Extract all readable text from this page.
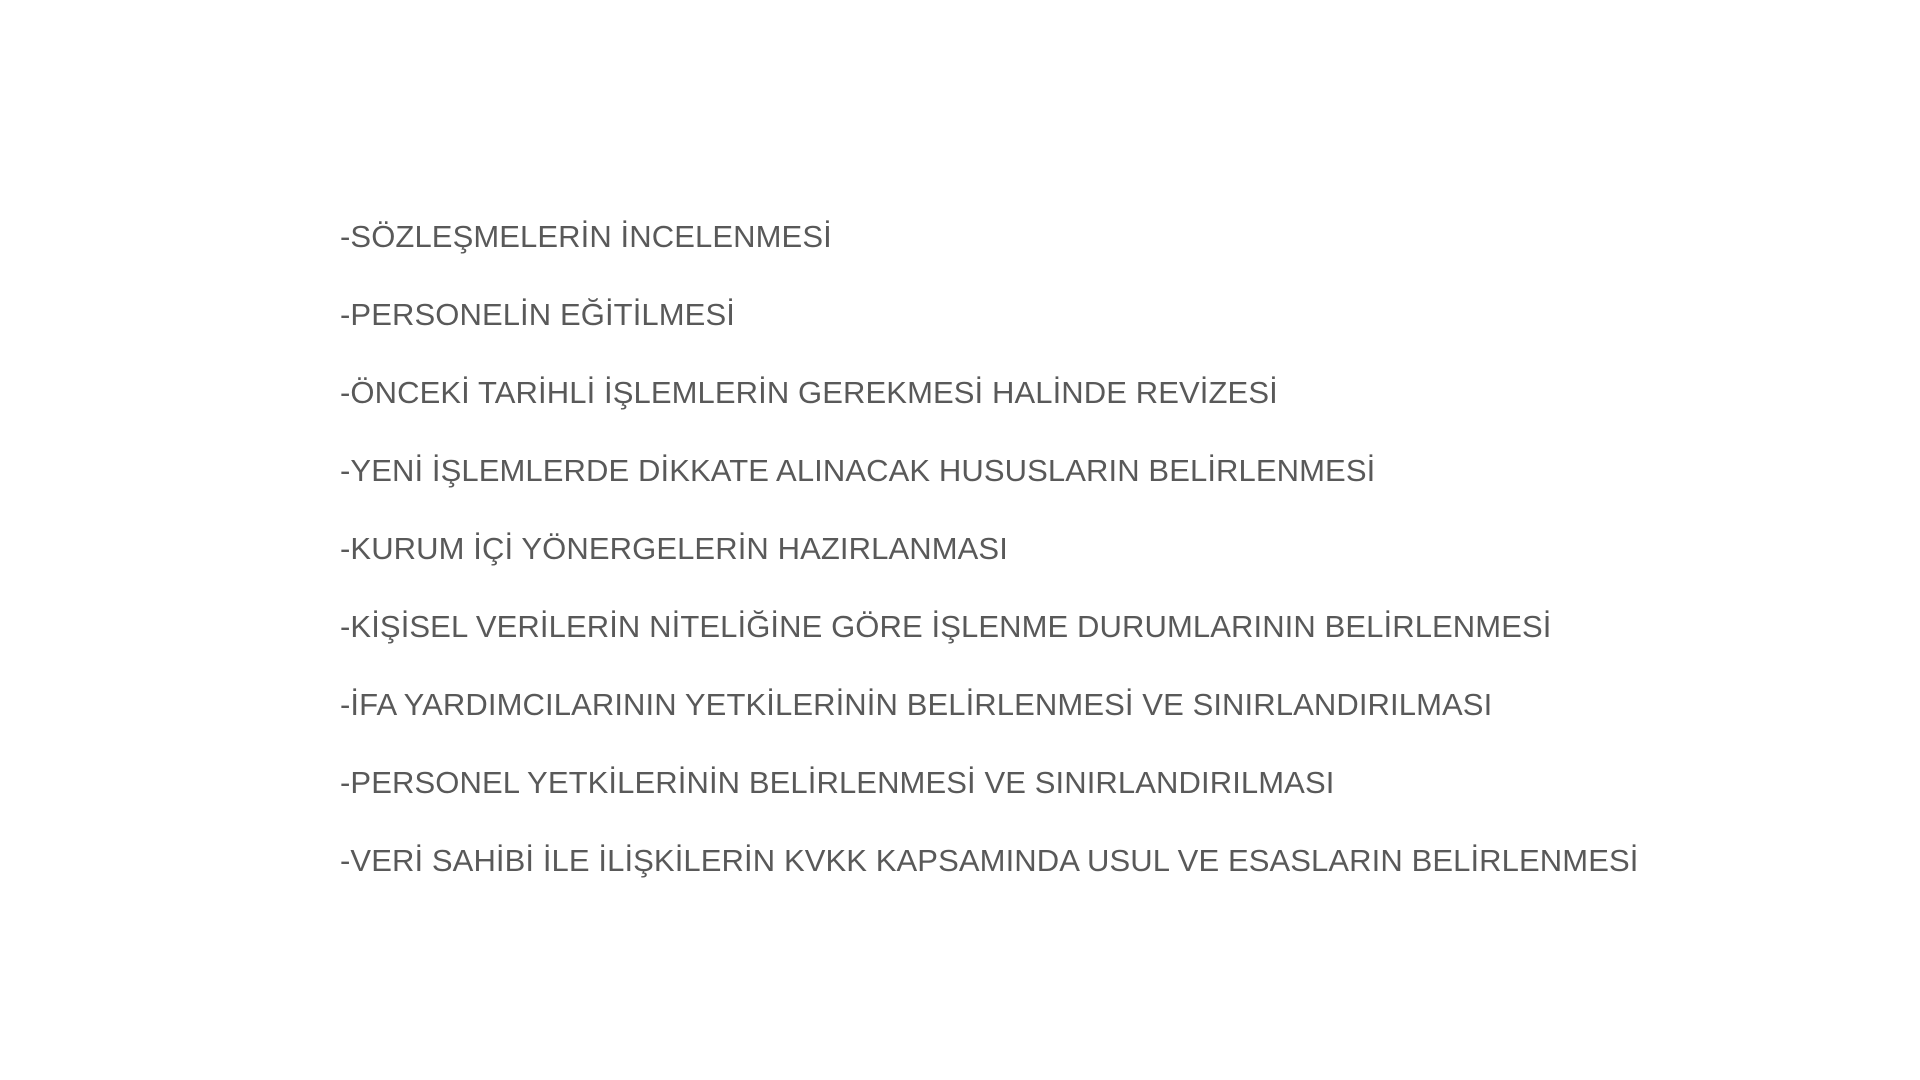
-SÖZLEŞMELERİN İNCELENMESİ
-PERSONELİN EĞİTİLMESİ
-ÖNCEKİ TARİHLİ İŞLEMLERİN GEREKMESİ HALİNDE REVİZESİ
-YENİ İŞLEMLERDE DİKKATE ALINACAK HUSUSLARIN BELİRLENMESİ
-KURUM İÇİ YÖNERGELERİN HAZIRLANMASI
-KİŞİSEL VERİLERİN NİTELİĞİNE GÖRE İŞLENME DURUMLARININ BELİRLENMESİ
-İFA YARDIMCILARININ YETKİLERİNİN BELİRLENMESİ VE SINIRLANDIRILMASI
-PERSONEL YETKİLERİNİN BELİRLENMESİ VE SINIRLANDIRILMASI
-VERİ SAHİBİ İLE İLİŞKİLERİN KVKK KAPSAMINDA USUL VE ESASLARIN BELİRLENMESİ
